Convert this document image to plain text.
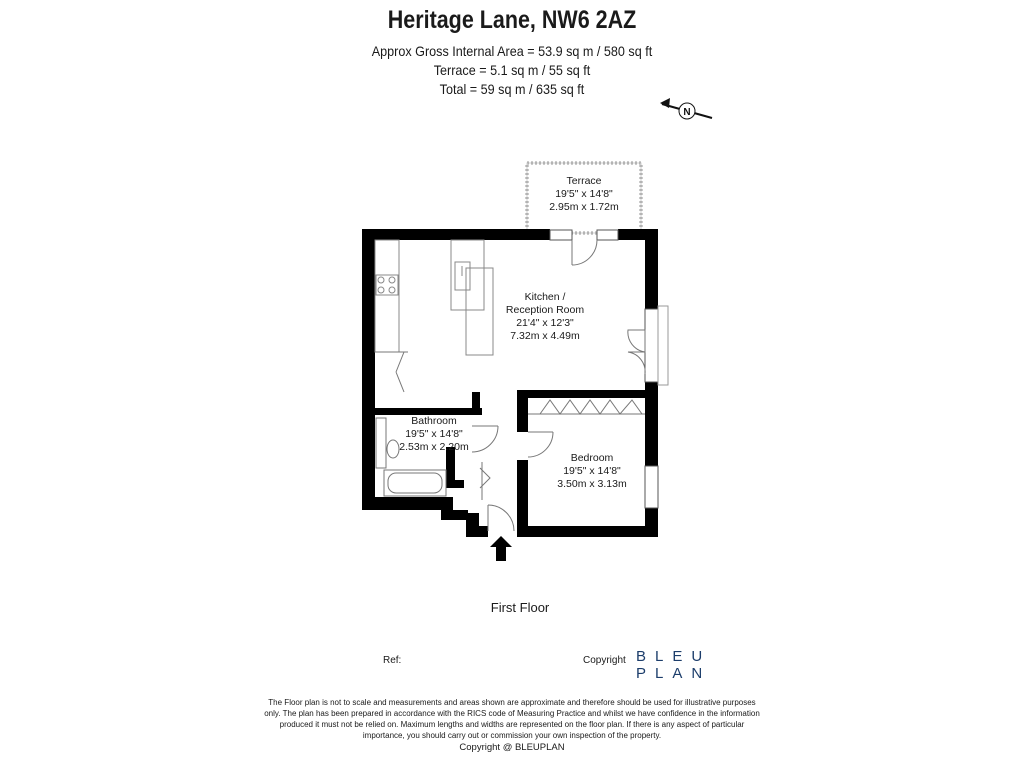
Heritage Lane, NW6 2AZ
Approx Gross Internal Area = 53.9 sq m / 580 sq ft
Terrace = 5.1 sq m / 55 sq ft
Total = 59 sq m / 635 sq ft
N
Terrace
19'5" x 14'8"
2.95m x 1.72m
Kitchen /
Reception Room
21'4" x 12'3"
7.32m x 4.49m
Bathroom
19'5" x 14'8"
2.53m x 2.20m
Bedroom
19'5" x 14'8"
3.50m x 3.13m
First Floor
Ref:	Copyright BLEU
PLAN
The Floor plan is not to scale and measurements and areas shown are approximate and therefore should be used for illustrative purposes only. The plan has been prepared in accordance with the RICS code of Measuring Practice and whilst we have confidence in the information produced it must not be relied on. Maximum lengths and widths are represented on the floor plan. If there is any aspect of particular importance, you should carry out or commission your own inspection of the property.
Copyright @ BLEUPLAN
